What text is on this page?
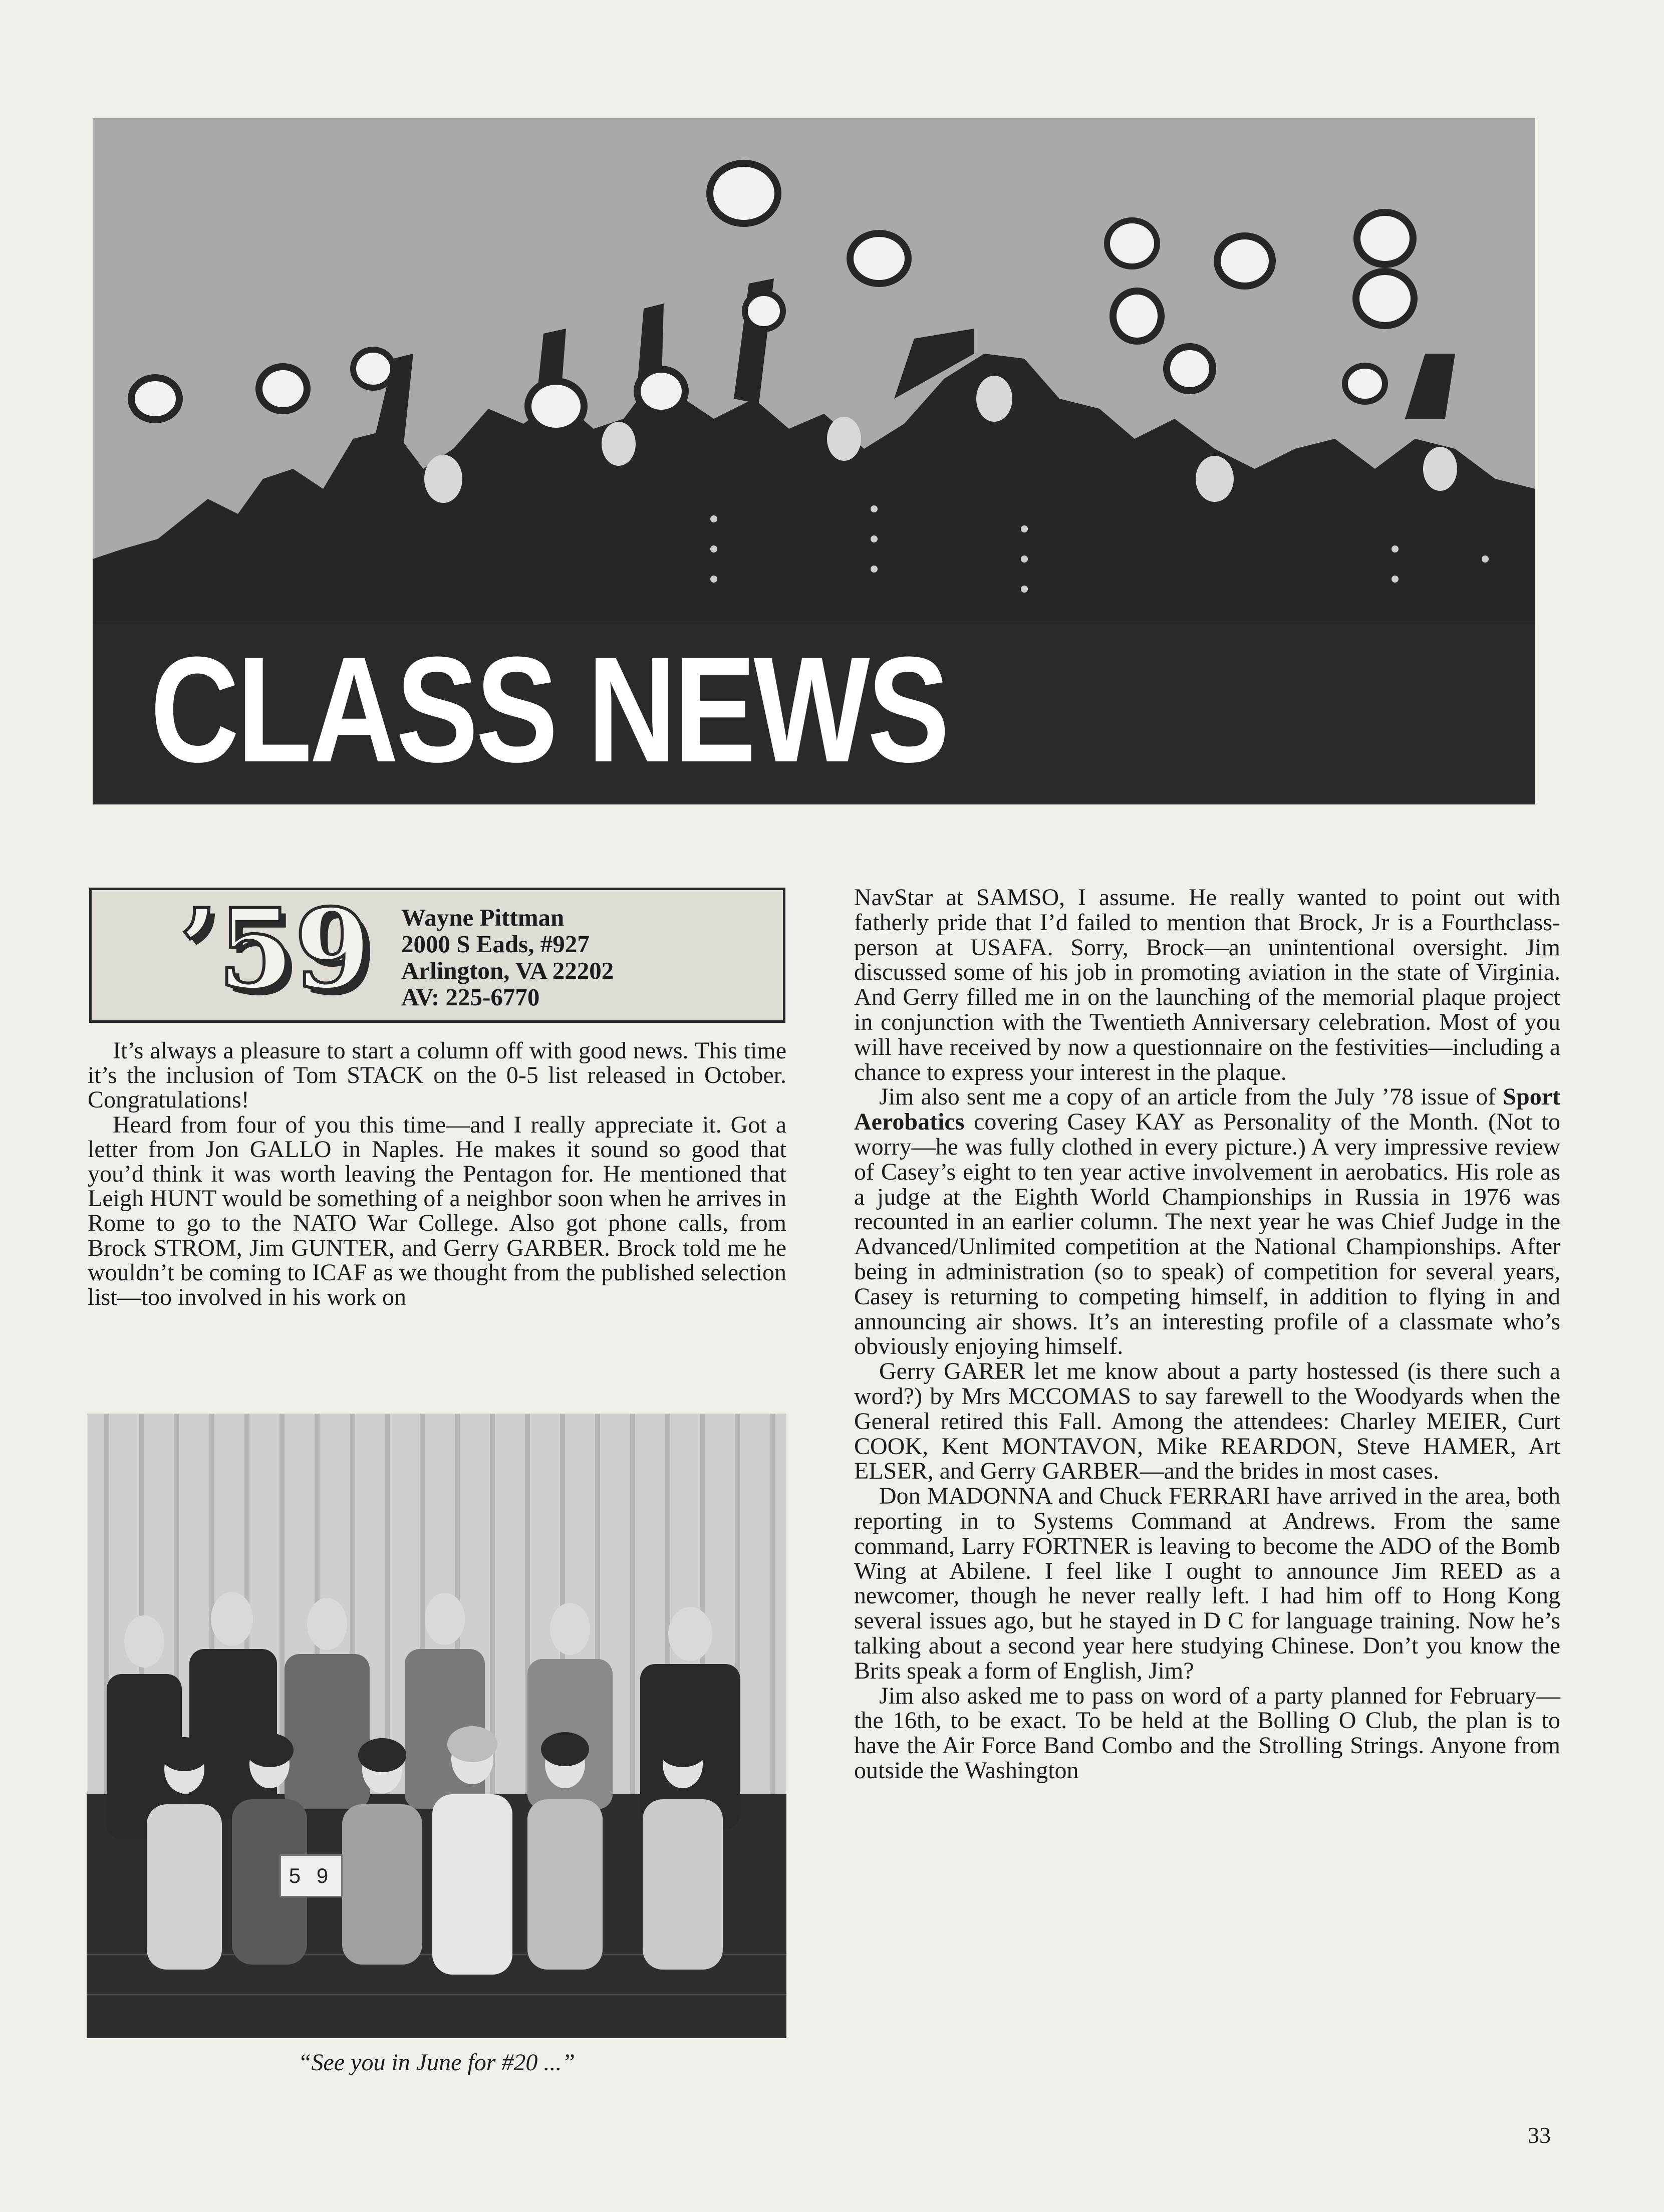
CLASS NEWS
’59 Wayne Pittman
2000 S Eads, #927
Arlington, VA 22202
AV: 225-6770

It’s always a pleasure to start a column off with good news. This time it’s the inclusion of Tom STACK on the 0-5 list released in October. Congratulations!

Heard from four of you this time—and I really appreciate it. Got a letter from Jon GALLO in Naples. He makes it sound so good that you’d think it was worth leaving the Pentagon for. He mentioned that Leigh HUNT would be something of a neighbor soon when he arrives in Rome to go to the NATO War College. Also got phone calls, from Brock STROM, Jim GUNTER, and Gerry GARBER. Brock told me he wouldn’t be coming to ICAF as we thought from the published selection list—too involved in his work on

5 9
“See you in June for #20 ...”

NavStar at SAMSO, I assume. He really wanted to point out with fatherly pride that I’d failed to mention that Brock, Jr is a Fourthclass-person at USAFA. Sorry, Brock—an unintentional oversight. Jim discussed some of his job in promoting aviation in the state of Virginia. And Gerry filled me in on the launching of the memorial plaque project in conjunction with the Twentieth Anniversary celebration. Most of you will have received by now a questionnaire on the festivities—including a chance to express your interest in the plaque.

Jim also sent me a copy of an article from the July ’78 issue of Sport Aerobatics covering Casey KAY as Personality of the Month. (Not to worry—he was fully clothed in every picture.) A very impressive review of Casey’s eight to ten year active involvement in aerobatics. His role as a judge at the Eighth World Championships in Russia in 1976 was recounted in an earlier column. The next year he was Chief Judge in the Advanced/Unlimited competition at the National Championships. After being in administration (so to speak) of competition for several years, Casey is returning to competing himself, in addition to flying in and announcing air shows. It’s an interesting profile of a classmate who’s obviously enjoying himself.

Gerry GARER let me know about a party hostessed (is there such a word?) by Mrs MCCOMAS to say farewell to the Woodyards when the General retired this Fall. Among the attendees: Charley MEIER, Curt COOK, Kent MONTAVON, Mike REARDON, Steve HAMER, Art ELSER, and Gerry GARBER—and the brides in most cases.

Don MADONNA and Chuck FERRARI have arrived in the area, both reporting in to Systems Command at Andrews. From the same command, Larry FORTNER is leaving to become the ADO of the Bomb Wing at Abilene. I feel like I ought to announce Jim REED as a newcomer, though he never really left. I had him off to Hong Kong several issues ago, but he stayed in D C for language training. Now he’s talking about a second year here studying Chinese. Don’t you know the Brits speak a form of English, Jim?

Jim also asked me to pass on word of a party planned for February—the 16th, to be exact. To be held at the Bolling O Club, the plan is to have the Air Force Band Combo and the Strolling Strings. Anyone from outside the Washington

33
